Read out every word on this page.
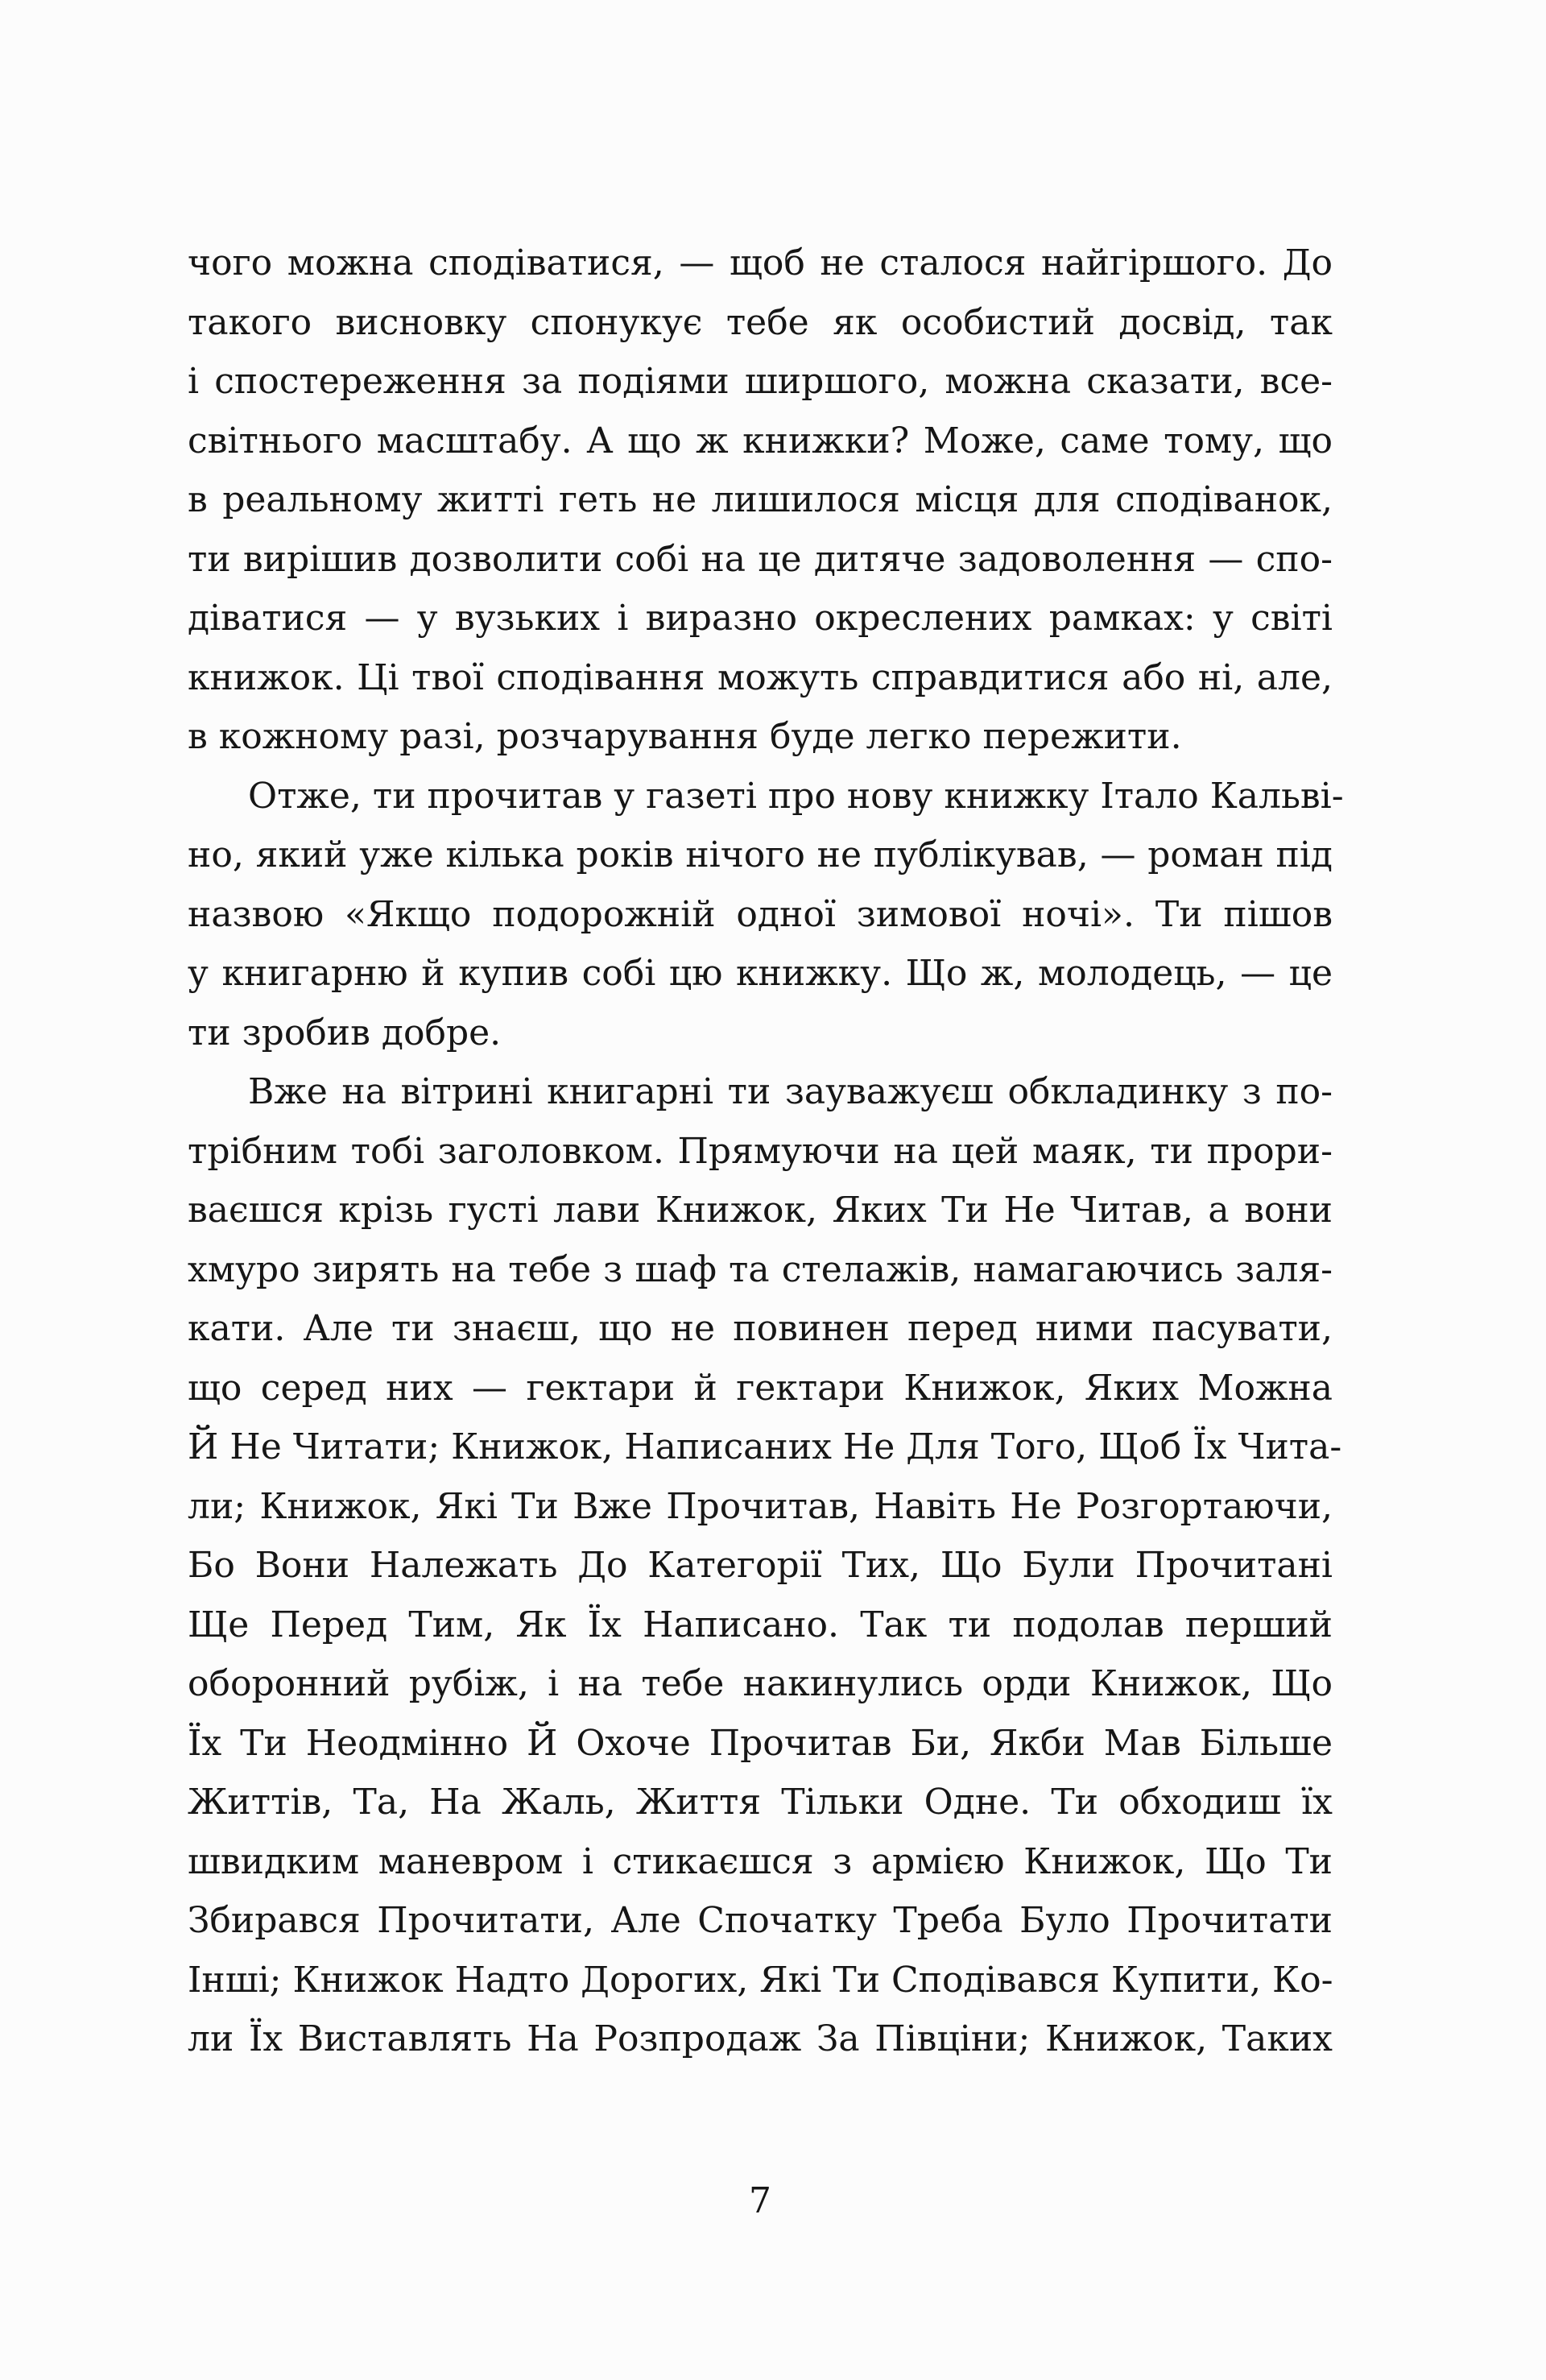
чого можна сподіватися, — щоб не сталося найгіршого. До
такого висновку спонукує тебе як особистий досвід, так
і спостереження за подіями ширшого, можна сказати, все-
світнього масштабу. А що ж книжки? Може, саме тому, що
в реальному житті геть не лишилося місця для сподіванок,
ти вирішив дозволити собі на це дитяче задоволення — спо-
діватися — у вузьких і виразно окреслених рамках: у світі
книжок. Ці твої сподівання можуть справдитися або ні, але,
в кожному разі, розчарування буде легко пережити.
Отже, ти прочитав у газеті про нову книжку Італо Кальві-
но, який уже кілька років нічого не публікував, — роман під
назвою «Якщо подорожній одної зимової ночі». Ти пішов
у книгарню й купив собі цю книжку. Що ж, молодець, — це
ти зробив добре.
Вже на вітрині книгарні ти зауважуєш обкладинку з по-
трібним тобі заголовком. Прямуючи на цей маяк, ти прори-
ваєшся крізь густі лави Книжок, Яких Ти Не Читав, а вони
хмуро зирять на тебе з шаф та стелажів, намагаючись заля-
кати. Але ти знаєш, що не повинен перед ними пасувати,
що серед них — гектари й гектари Книжок, Яких Можна
Й Не Читати; Книжок, Написаних Не Для Того, Щоб Їх Чита-
ли; Книжок, Які Ти Вже Прочитав, Навіть Не Розгортаючи,
Бо Вони Належать До Категорії Тих, Що Були Прочитані
Ще Перед Тим, Як Їх Написано. Так ти подолав перший
оборонний рубіж, і на тебе накинулись орди Книжок, Що
Їх Ти Неодмінно Й Охоче Прочитав Би, Якби Мав Більше
Життів, Та, На Жаль, Життя Тільки Одне. Ти обходиш їх
швидким маневром і стикаєшся з армією Книжок, Що Ти
Збирався Прочитати, Але Спочатку Треба Було Прочитати
Інші; Книжок Надто Дорогих, Які Ти Сподівався Купити, Ко-
ли Їх Виставлять На Розпродаж За Півціни; Книжок, Таких
7
